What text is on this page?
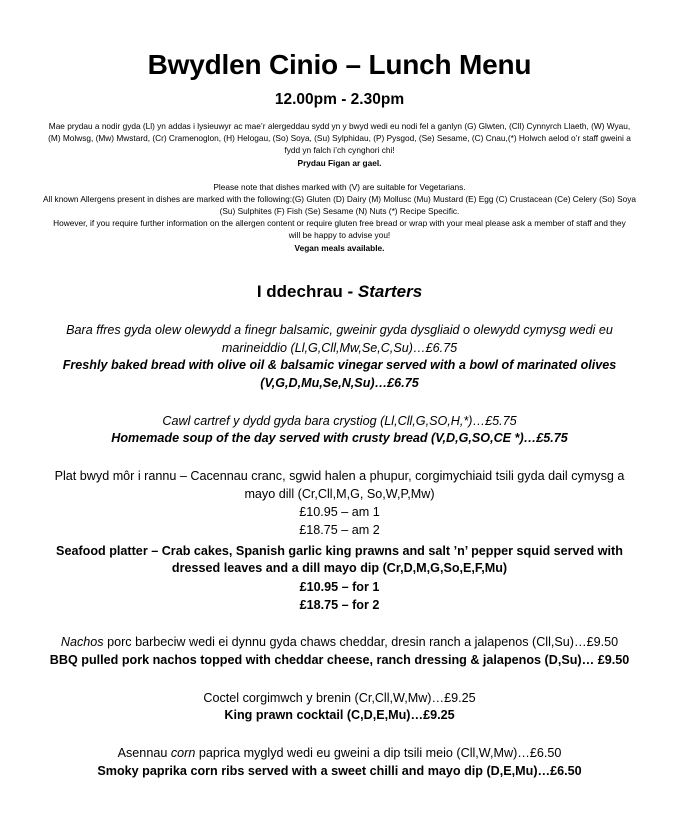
Bwydlen Cinio – Lunch Menu
12.00pm - 2.30pm

Mae prydau a nodir gyda (Ll) yn addas i lysieuwyr ac mae’r alergeddau sydd yn y bwyd wedi eu nodi fel a ganlyn (G) Glwten, (Cll) Cynnyrch Llaeth, (W) Wyau,

(M) Molwsg, (Mw) Mwstard, (Cr) Cramenoglon, (H) Helogau, (So) Soya, (Su) Sylphidau, (P) Pysgod, (Se) Sesame, (C) Cnau,(*) Holwch aelod o’r staff gweini a

fydd yn falch i’ch cynghori chi!

Prydau Figan ar gael.

Please note that dishes marked with (V) are suitable for Vegetarians.

All known Allergens present in dishes are marked with the following:(G) Gluten (D) Dairy (M) Mollusc (Mu) Mustard (E) Egg (C) Crustacean (Ce) Celery (So) Soya

(Su) Sulphites (F) Fish (Se) Sesame (N) Nuts (*) Recipe Specific.

However, if you require further information on the allergen content or require gluten free bread or wrap with your meal please ask a member of staff and they

will be happy to advise you!

Vegan meals available.

I ddechrau - Starters

Bara ffres gyda olew olewydd a finegr balsamic, gweinir gyda dysgliaid o olewydd cymysg wedi eu marineiddio (Ll,G,Cll,Mw,Se,C,Su)…£6.75

Freshly baked bread with olive oil & balsamic vinegar served with a bowl of marinated olives (V,G,D,Mu,Se,N,Su)…£6.75

Cawl cartref y dydd gyda bara crystiog (Ll,Cll,G,SO,H,*)…£5.75

Homemade soup of the day served with crusty bread (V,D,G,SO,CE *)…£5.75

Plat bwyd môr i rannu – Cacennau cranc, sgwid halen a phupur, corgimychiaid tsili gyda dail cymysg a mayo dill (Cr,Cll,M,G, So,W,P,Mw)

£10.95 – am 1

£18.75 – am 2

Seafood platter – Crab cakes, Spanish garlic king prawns and salt ’n’ pepper squid served with dressed leaves and a dill mayo dip (Cr,D,M,G,So,E,F,Mu)

£10.95 – for 1

£18.75 – for 2

Nachos porc barbeciw wedi ei dynnu gyda chaws cheddar, dresin ranch a jalapenos (Cll,Su)…£9.50

BBQ pulled pork nachos topped with cheddar cheese, ranch dressing & jalapenos (D,Su)… £9.50

Coctel corgimwch y brenin (Cr,Cll,W,Mw)…£9.25

King prawn cocktail (C,D,E,Mu)…£9.25

Asennau corn paprica myglyd wedi eu gweini a dip tsili meio (Cll,W,Mw)…£6.50

Smoky paprika corn ribs served with a sweet chilli and mayo dip (D,E,Mu)…£6.50
